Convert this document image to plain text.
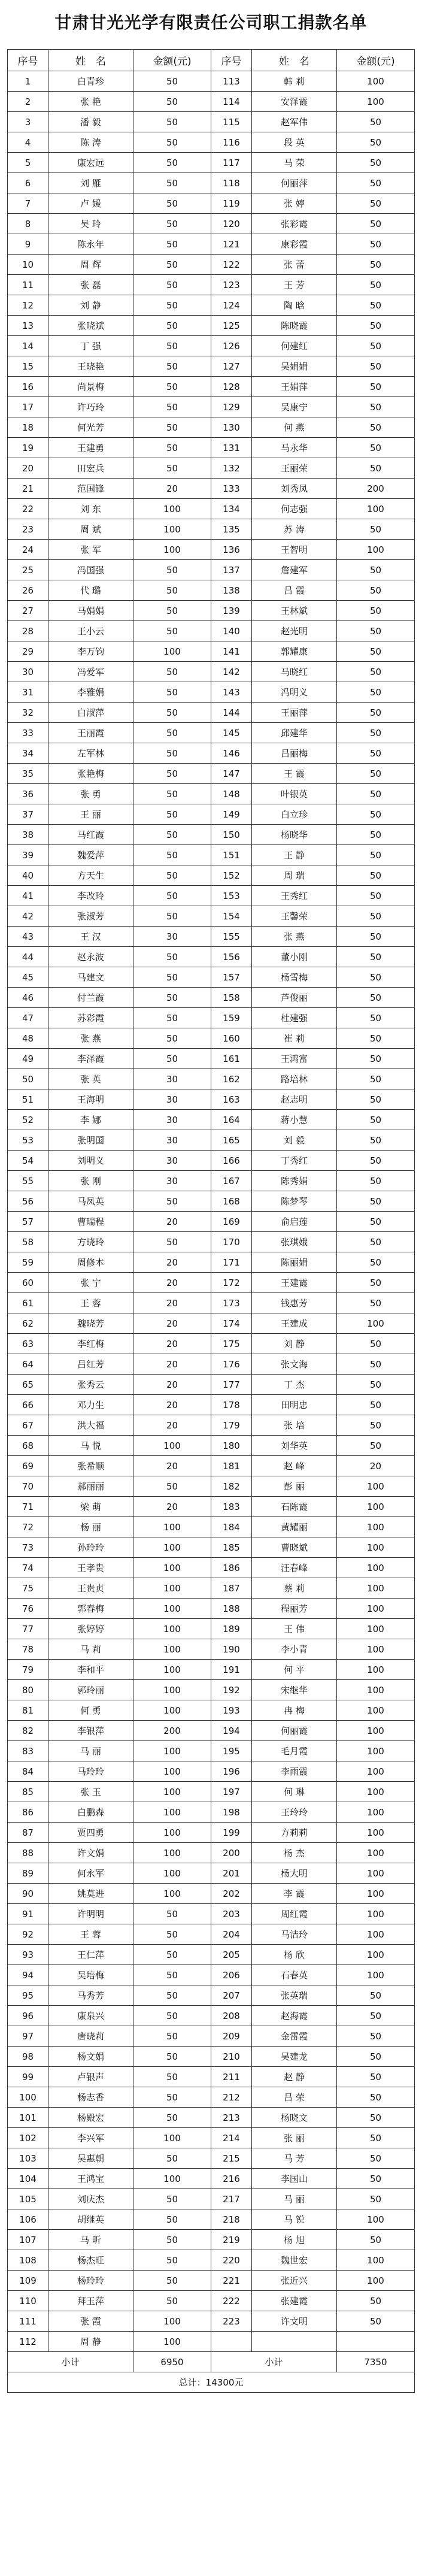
甘肃甘光光学有限责任公司职工捐款名单
序号	姓　名	金额(元)	序号	姓　名	金额(元)
1	白青珍	50	113	韩 莉	100
2	张 艳	50	114	安泽霞	100
3	潘 毅	50	115	赵军伟	50
4	陈 涛	50	116	段 英	50
5	康宏远	50	117	马 荣	50
6	刘 雁	50	118	何丽萍	50
7	卢 媛	50	119	张 婷	50
8	吴 玲	50	120	张彩霞	50
9	陈永年	50	121	康彩霞	50
10	周 辉	50	122	张 蕾	50
11	张 磊	50	123	王 芳	50
12	刘 静	50	124	陶 晗	50
13	张晓斌	50	125	陈晓霞	50
14	丁 强	50	126	何建红	50
15	王晓艳	50	127	吴娟娟	50
16	尚景梅	50	128	王娟萍	50
17	许巧玲	50	129	吴康宁	50
18	何光芳	50	130	何 燕	50
19	王建勇	50	131	马永华	50
20	田宏兵	50	132	王丽荣	50
21	范国锋	20	133	刘秀凤	200
22	刘 东	100	134	何志强	100
23	周 斌	100	135	苏 涛	50
24	张 军	100	136	王智明	100
25	冯国强	50	137	詹建军	50
26	代 璐	50	138	吕 霞	50
27	马娟娟	50	139	王林斌	50
28	王小云	50	140	赵光明	50
29	李万钧	100	141	郭耀康	50
30	冯爱军	50	142	马晓红	50
31	李雅娟	50	143	冯明义	50
32	白淑萍	50	144	王丽萍	50
33	王丽霞	50	145	邱建华	50
34	左军林	50	146	吕丽梅	50
35	张艳梅	50	147	王 霞	50
36	张 勇	50	148	叶银英	50
37	王 丽	50	149	白立珍	50
38	马红霞	50	150	杨晓华	50
39	魏爱萍	50	151	王 静	50
40	方天生	50	152	周 瑞	50
41	李改玲	50	153	王秀红	50
42	张淑芳	50	154	王馨荣	50
43	王 汉	30	155	张 燕	50
44	赵永波	50	156	董小刚	50
45	马建文	50	157	杨雪梅	50
46	付兰霞	50	158	芦俊丽	50
47	苏彩霞	50	159	杜建强	50
48	张 燕	50	160	崔 莉	50
49	李泽霞	50	161	王鸿富	50
50	张 英	30	162	路培林	50
51	王海明	30	163	赵志明	50
52	李 娜	30	164	蒋小慧	50
53	张明国	30	165	刘 毅	50
54	刘明义	30	166	丁秀红	50
55	张 刚	30	167	陈秀娟	50
56	马凤英	50	168	陈梦琴	50
57	曹瑞程	20	169	俞启莲	50
58	方晓玲	50	170	张琪娥	50
59	周修本	20	171	陈丽娟	50
60	张 宁	20	172	王建霞	50
61	王 蓉	20	173	钱惠芳	50
62	魏晓芳	20	174	王建成	100
63	李红梅	20	175	刘 静	50
64	吕红芳	20	176	张文海	50
65	张秀云	20	177	丁 杰	50
66	邓力生	20	178	田明忠	50
67	洪大福	20	179	张 培	50
68	马 悦	100	180	刘华英	50
69	张希顺	20	181	赵 峰	20
70	郝丽丽	50	182	彭 丽	100
71	梁 萌	20	183	石陈霞	100
72	杨 丽	100	184	黄耀丽	100
73	孙玲玲	100	185	曹晓斌	100
74	王孝贵	100	186	汪春峰	100
75	王贵贞	100	187	蔡 莉	100
76	郭春梅	100	188	程丽芳	100
77	张婷婷	100	189	王 伟	100
78	马 莉	100	190	李小青	100
79	李和平	100	191	何 平	100
80	郭玲丽	100	192	宋继华	100
81	何 勇	100	193	冉 梅	100
82	李银萍	200	194	何丽霞	100
83	马 丽	100	195	毛月霞	100
84	马玲玲	100	196	李雨霞	100
85	张 玉	100	197	何 琳	100
86	白鹏森	100	198	王玲玲	100
87	贾四勇	100	199	方莉莉	100
88	许文娟	100	200	杨 杰	100
89	何永军	100	201	杨大明	100
90	姚莫进	100	202	李 霞	100
91	许明明	50	203	周红霞	100
92	王 蓉	50	204	马洁玲	100
93	王仁萍	50	205	杨 欣	100
94	吴培梅	50	206	石春英	100
95	马秀芳	50	207	张英瑞	50
96	康泉兴	50	208	赵海霞	50
97	唐晓莉	50	209	金雷霞	50
98	杨文娟	50	210	吴建龙	50
99	卢银声	50	211	赵 静	50
100	杨志香	50	212	吕 荣	50
101	杨殿宏	50	213	杨晓文	50
102	李兴军	100	214	张 丽	50
103	吴惠朝	50	215	马 芳	50
104	王鸿宝	100	216	李国山	50
105	刘庆杰	50	217	马 丽	50
106	胡继英	50	218	马 锐	100
107	马 昕	50	219	杨 旭	50
108	杨杰旺	50	220	魏世宏	100
109	杨玲玲	50	221	张近兴	100
110	拜玉萍	50	222	张建霞	50
111	张 霞	100	223	许文明	50
112	周 静	100			
小计		6950	小计		7350
总计：14300元					
